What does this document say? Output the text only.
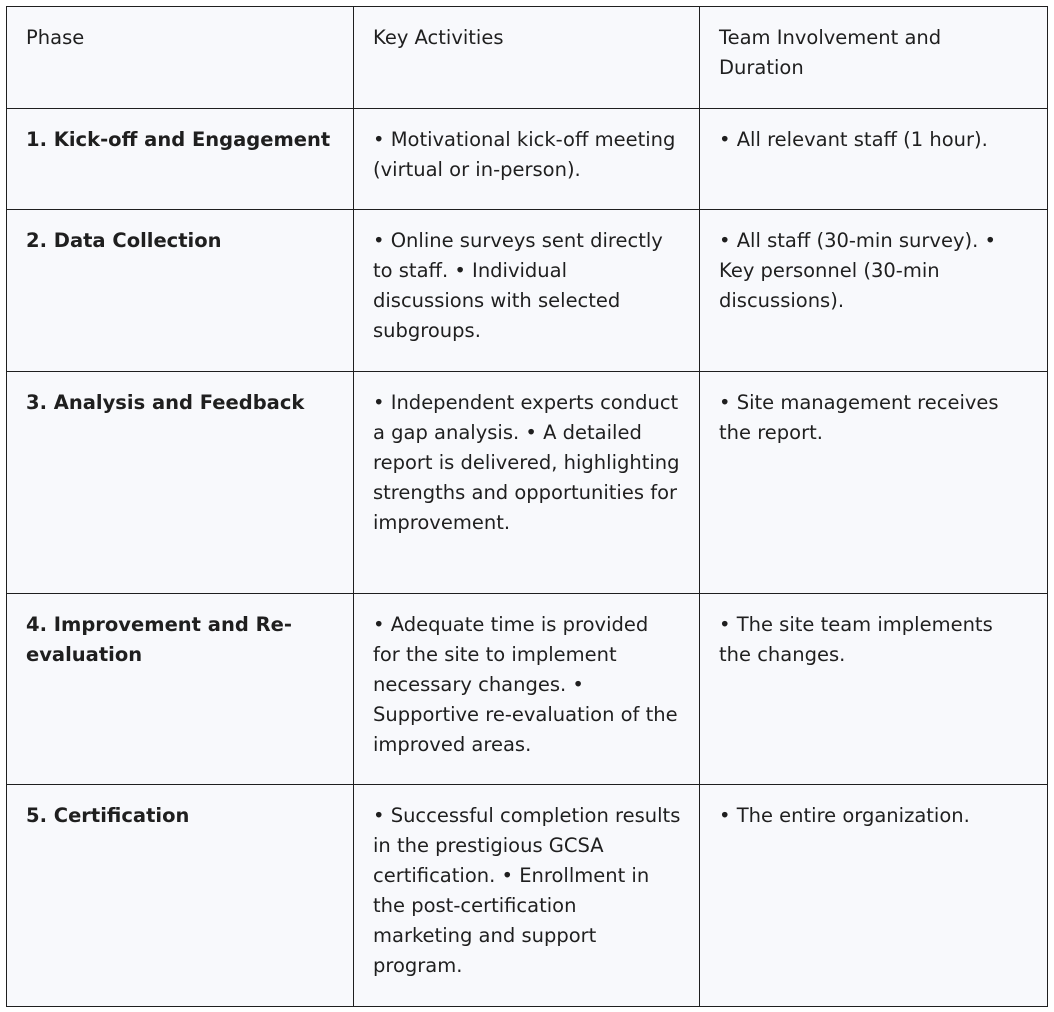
Phase	Key Activities	Team Involvement and Duration
1. Kick-off and Engagement	• Motivational kick-off meeting (virtual or in-person).	• All relevant staff (1 hour).
2. Data Collection	• Online surveys sent directly to staff. • Individual discussions with selected subgroups.	• All staff (30-min survey). • Key personnel (30-min discussions).
3. Analysis and Feedback	• Independent experts conduct a gap analysis. • A detailed report is delivered, highlighting strengths and opportunities for improvement.	• Site management receives the report.
4. Improvement and Re-evaluation	• Adequate time is provided for the site to implement necessary changes. • Supportive re-evaluation of the improved areas.	• The site team implements the changes.
5. Certification	• Successful completion results in the prestigious GCSA certification. • Enrollment in the post-certification marketing and support program.	• The entire organization.
